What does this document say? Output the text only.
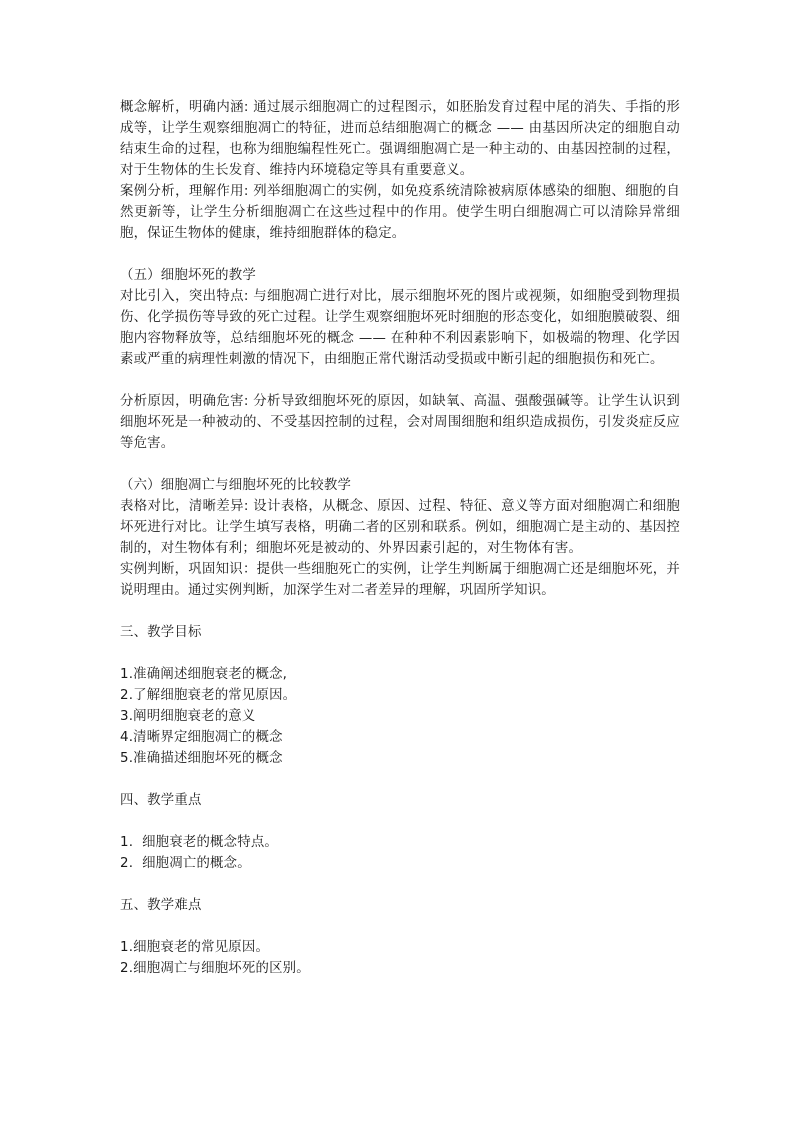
概念解析，明确内涵: 通过展示细胞凋亡的过程图示，如胚胎发育过程中尾的消失、手指的形成等，让学生观察细胞凋亡的特征，进而总结细胞凋亡的概念 —— 由基因所决定的细胞自动结束生命的过程，也称为细胞编程性死亡。强调细胞凋亡是一种主动的、由基因控制的过程，对于生物体的生长发育、维持内环境稳定等具有重要意义。

案例分析，理解作用: 列举细胞凋亡的实例，如免疫系统清除被病原体感染的细胞、细胞的自然更新等，让学生分析细胞凋亡在这些过程中的作用。使学生明白细胞凋亡可以清除异常细胞，保证生物体的健康，维持细胞群体的稳定。

（五）细胞坏死的教学

对比引入，突出特点: 与细胞凋亡进行对比，展示细胞坏死的图片或视频，如细胞受到物理损伤、化学损伤等导致的死亡过程。让学生观察细胞坏死时细胞的形态变化，如细胞膜破裂、细胞内容物释放等，总结细胞坏死的概念 —— 在种种不利因素影响下，如极端的物理、化学因素或严重的病理性刺激的情况下，由细胞正常代谢活动受损或中断引起的细胞损伤和死亡。

分析原因，明确危害: 分析导致细胞坏死的原因，如缺氧、高温、强酸强碱等。让学生认识到细胞坏死是一种被动的、不受基因控制的过程，会对周围细胞和组织造成损伤，引发炎症反应等危害。

（六）细胞凋亡与细胞坏死的比较教学

表格对比，清晰差异: 设计表格，从概念、原因、过程、特征、意义等方面对细胞凋亡和细胞坏死进行对比。让学生填写表格，明确二者的区别和联系。例如，细胞凋亡是主动的、基因控制的，对生物体有利；细胞坏死是被动的、外界因素引起的，对生物体有害。

实例判断，巩固知识：提供一些细胞死亡的实例，让学生判断属于细胞凋亡还是细胞坏死，并说明理由。通过实例判断，加深学生对二者差异的理解，巩固所学知识。

三、教学目标

1.准确阐述细胞衰老的概念,

2.了解细胞衰老的常见原因。

3.阐明细胞衰老的意义

4.清晰界定细胞凋亡的概念

5.准确描述细胞坏死的概念

四、教学重点

1.  细胞衰老的概念特点。

2.  细胞凋亡的概念。

五、教学难点

1.细胞衰老的常见原因。

2.细胞凋亡与细胞坏死的区别。
